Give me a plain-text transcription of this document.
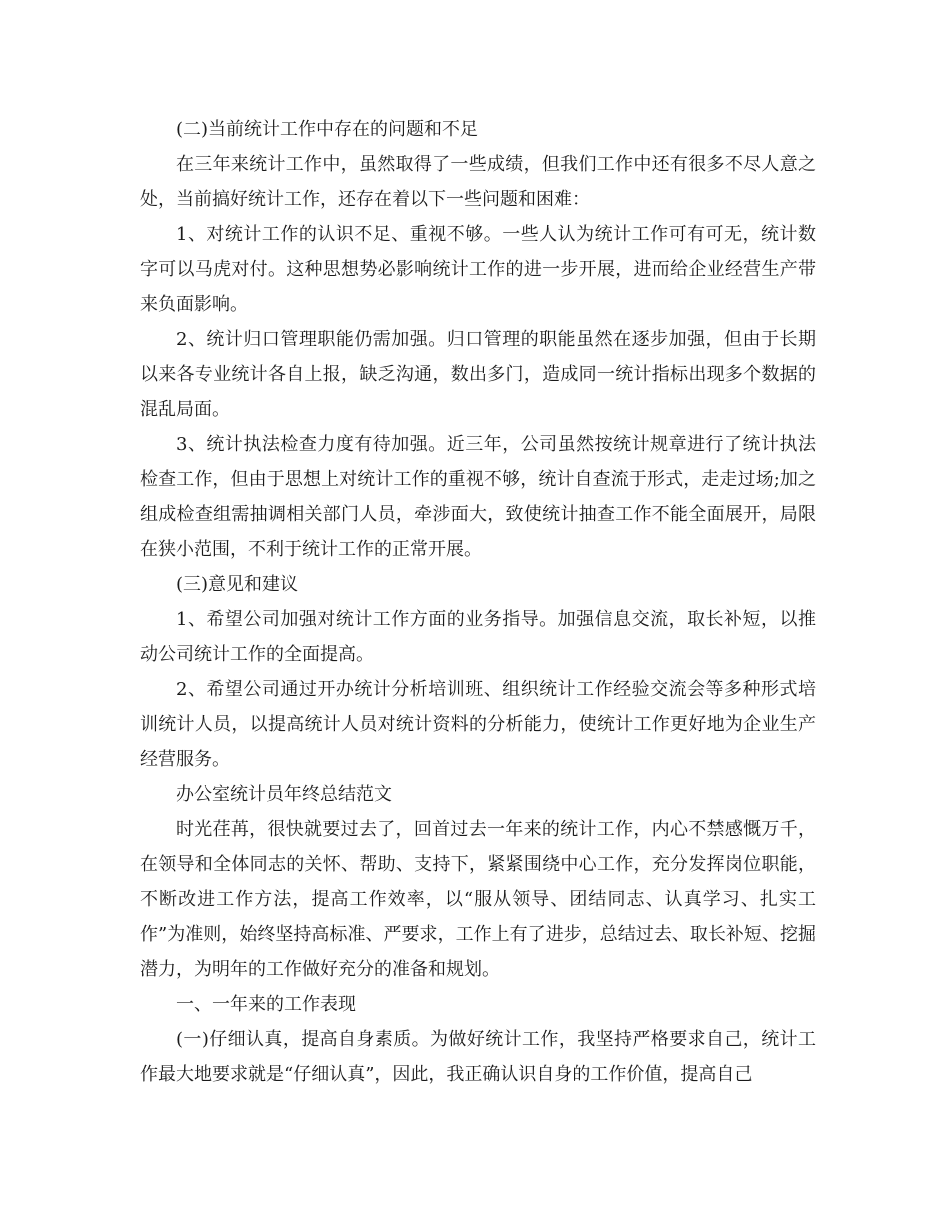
(二)当前统计工作中存在的问题和不足

在三年来统计工作中，虽然取得了一些成绩，但我们工作中还有很多不尽人意之处，当前搞好统计工作，还存在着以下一些问题和困难：

1、对统计工作的认识不足、重视不够。一些人认为统计工作可有可无，统计数字可以马虎对付。这种思想势必影响统计工作的进一步开展，进而给企业经营生产带来负面影响。

2、统计归口管理职能仍需加强。归口管理的职能虽然在逐步加强，但由于长期以来各专业统计各自上报，缺乏沟通，数出多门，造成同一统计指标出现多个数据的混乱局面。

3、统计执法检查力度有待加强。近三年，公司虽然按统计规章进行了统计执法检查工作，但由于思想上对统计工作的重视不够，统计自查流于形式，走走过场;加之组成检查组需抽调相关部门人员，牵涉面大，致使统计抽查工作不能全面展开，局限在狭小范围，不利于统计工作的正常开展。

(三)意见和建议

1、希望公司加强对统计工作方面的业务指导。加强信息交流，取长补短，以推动公司统计工作的全面提高。

2、希望公司通过开办统计分析培训班、组织统计工作经验交流会等多种形式培训统计人员，以提高统计人员对统计资料的分析能力，使统计工作更好地为企业生产经营服务。

办公室统计员年终总结范文

时光荏苒，很快就要过去了，回首过去一年来的统计工作，内心不禁感慨万千，在领导和全体同志的关怀、帮助、支持下，紧紧围绕中心工作，充分发挥岗位职能，不断改进工作方法，提高工作效率，以“服从领导、团结同志、认真学习、扎实工作”为准则，始终坚持高标准、严要求，工作上有了进步，总结过去、取长补短、挖掘潜力，为明年的工作做好充分的准备和规划。

一、一年来的工作表现

(一)仔细认真，提高自身素质。为做好统计工作，我坚持严格要求自己，统计工作最大地要求就是“仔细认真”，因此，我正确认识自身的工作价值，提高自己
